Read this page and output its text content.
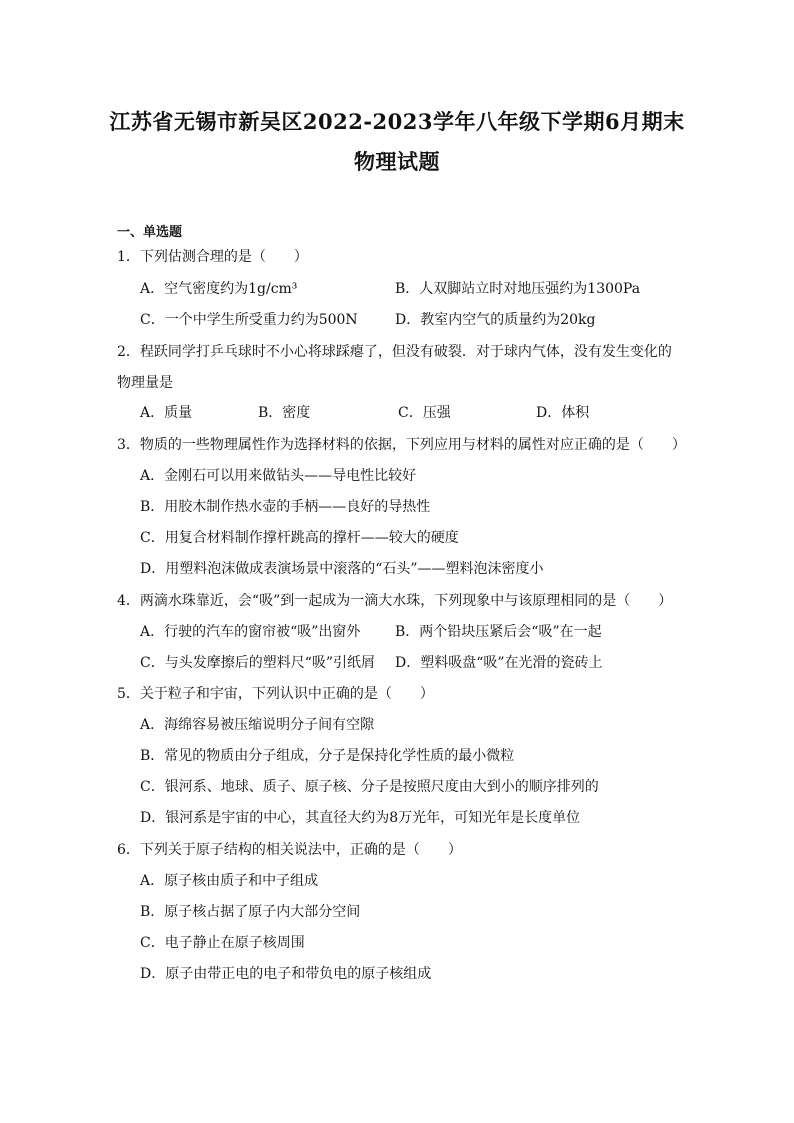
江苏省无锡市新吴区2022-2023学年八年级下学期6月期末
物理试题
一、单选题
1．下列估测合理的是（　　）
A．空气密度约为1g/cm³	B．人双脚站立时对地压强约为1300Pa
C．一个中学生所受重力约为500N	D．教室内空气的质量约为20kg
2．程跃同学打乒乓球时不小心将球踩瘪了，但没有破裂．对于球内气体，没有发生变化的
物理量是
A．质量	B．密度	C．压强	D．体积
3．物质的一些物理属性作为选择材料的依据，下列应用与材料的属性对应正确的是（　　）
A．金刚石可以用来做钻头——导电性比较好
B．用胶木制作热水壶的手柄——良好的导热性
C．用复合材料制作撑杆跳高的撑杆——较大的硬度
D．用塑料泡沫做成表演场景中滚落的“石头”——塑料泡沫密度小
4．两滴水珠靠近，会“吸”到一起成为一滴大水珠，下列现象中与该原理相同的是（　　）
A．行驶的汽车的窗帘被“吸”出窗外 B．两个铅块压紧后会“吸”在一起
C．与头发摩擦后的塑料尺“吸”引纸屑 D．塑料吸盘“吸”在光滑的瓷砖上
5．关于粒子和宇宙，下列认识中正确的是（　　）
A．海绵容易被压缩说明分子间有空隙
B．常见的物质由分子组成，分子是保持化学性质的最小微粒
C．银河系、地球、质子、原子核、分子是按照尺度由大到小的顺序排列的
D．银河系是宇宙的中心，其直径大约为8万光年，可知光年是长度单位
6．下列关于原子结构的相关说法中，正确的是（　　）
A．原子核由质子和中子组成
B．原子核占据了原子内大部分空间
C．电子静止在原子核周围
D．原子由带正电的电子和带负电的原子核组成
